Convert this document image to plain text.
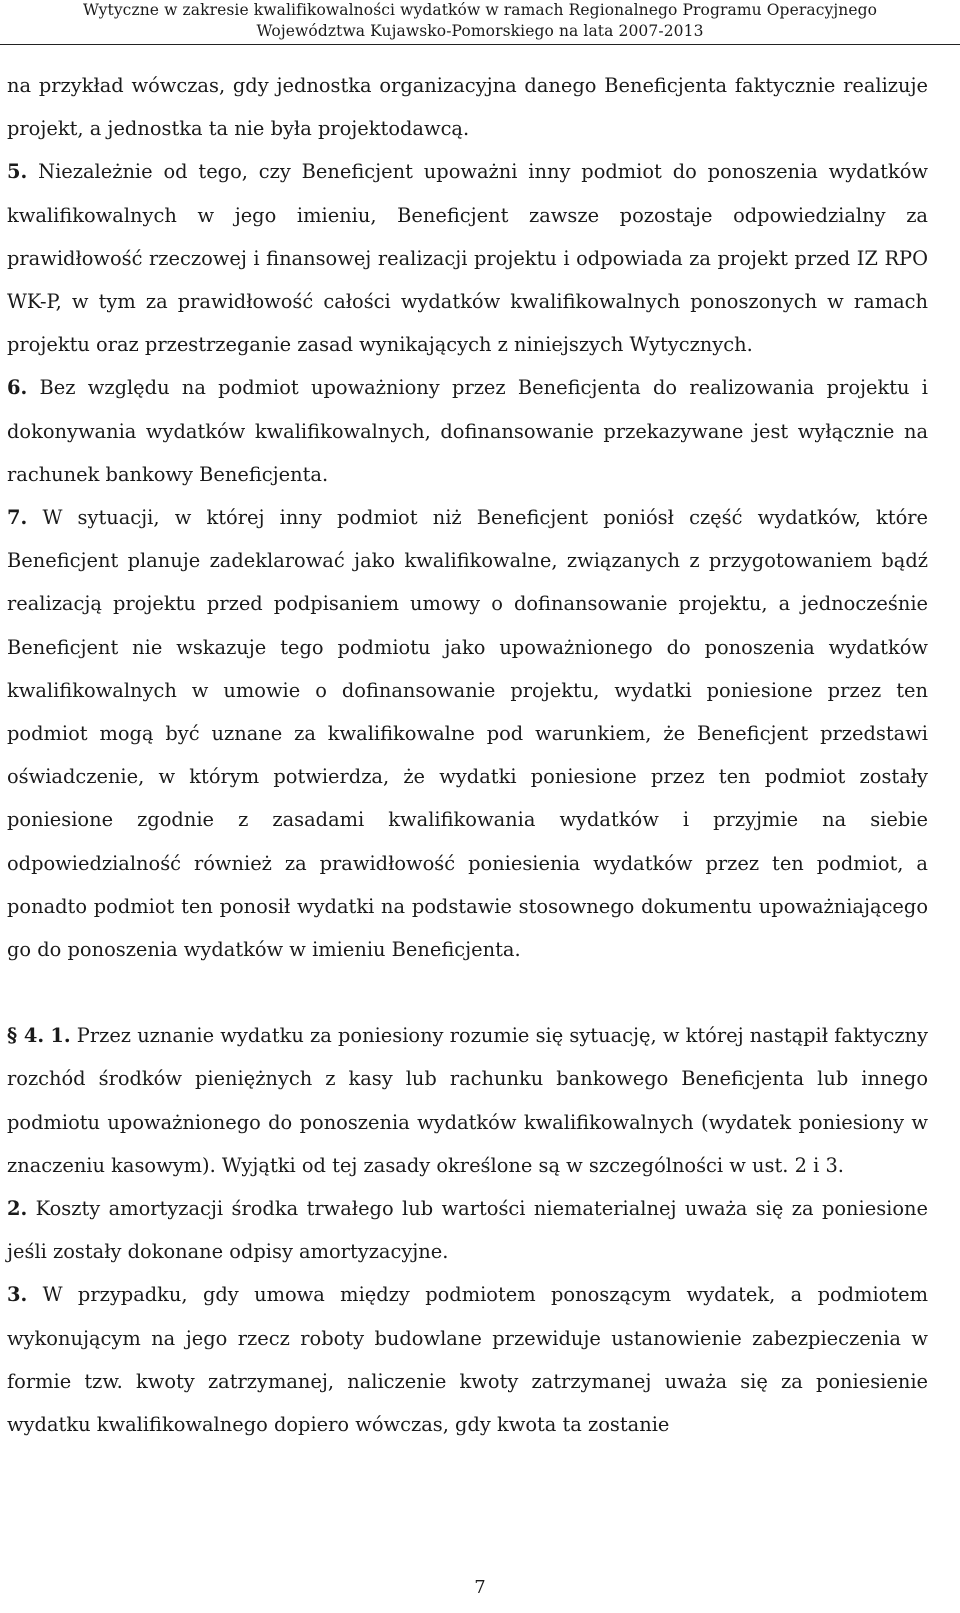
Wytyczne w zakresie kwalifikowalności wydatków w ramach Regionalnego Programu Operacyjnego
Województwa Kujawsko-Pomorskiego na lata 2007-2013

na przykład wówczas, gdy jednostka organizacyjna danego Beneficjenta faktycznie realizuje projekt, a jednostka ta nie była projektodawcą.

5. Niezależnie od tego, czy Beneficjent upoważni inny podmiot do ponoszenia wydatków kwalifikowalnych w jego imieniu, Beneficjent zawsze pozostaje odpowiedzialny za prawidłowość rzeczowej i finansowej realizacji projektu i odpowiada za projekt przed IZ RPO WK-P, w tym za prawidłowość całości wydatków kwalifikowalnych ponoszonych w ramach projektu oraz przestrzeganie zasad wynikających z niniejszych Wytycznych.

6. Bez względu na podmiot upoważniony przez Beneficjenta do realizowania projektu i dokonywania wydatków kwalifikowalnych, dofinansowanie przekazywane jest wyłącznie na rachunek bankowy Beneficjenta.

7. W sytuacji, w której inny podmiot niż Beneficjent poniósł część wydatków, które Beneficjent planuje zadeklarować jako kwalifikowalne, związanych z przygotowaniem bądź realizacją projektu przed podpisaniem umowy o dofinansowanie projektu, a jednocześnie Beneficjent nie wskazuje tego podmiotu jako upoważnionego do ponoszenia wydatków kwalifikowalnych w umowie o dofinansowanie projektu, wydatki poniesione przez ten podmiot mogą być uznane za kwalifikowalne pod warunkiem, że Beneficjent przedstawi oświadczenie, w którym potwierdza, że wydatki poniesione przez ten podmiot zostały poniesione zgodnie z zasadami kwalifikowania wydatków i przyjmie na siebie odpowiedzialność również za prawidłowość poniesienia wydatków przez ten podmiot, a ponadto podmiot ten ponosił wydatki na podstawie stosownego dokumentu upoważniającego go do ponoszenia wydatków w imieniu Beneficjenta.

§ 4. 1. Przez uznanie wydatku za poniesiony rozumie się sytuację, w której nastąpił faktyczny rozchód środków pieniężnych z kasy lub rachunku bankowego Beneficjenta lub innego podmiotu upoważnionego do ponoszenia wydatków kwalifikowalnych (wydatek poniesiony w znaczeniu kasowym). Wyjątki od tej zasady określone są w szczególności w ust. 2 i 3.

2. Koszty amortyzacji środka trwałego lub wartości niematerialnej uważa się za poniesione jeśli zostały dokonane odpisy amortyzacyjne.

3. W przypadku, gdy umowa między podmiotem ponoszącym wydatek, a podmiotem wykonującym na jego rzecz roboty budowlane przewiduje ustanowienie zabezpieczenia w formie tzw. kwoty zatrzymanej, naliczenie kwoty zatrzymanej uważa się za poniesienie wydatku kwalifikowalnego dopiero wówczas, gdy kwota ta zostanie

7
